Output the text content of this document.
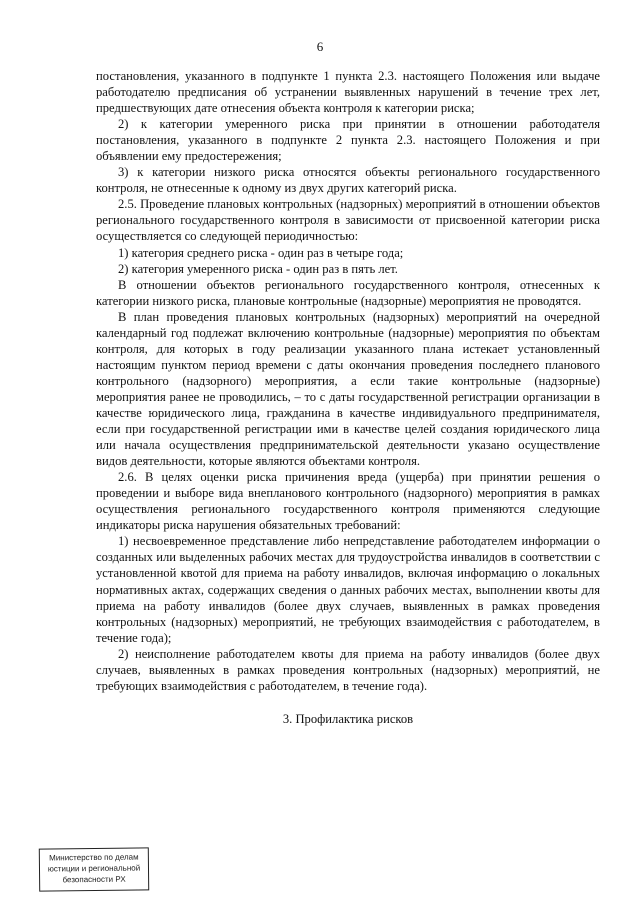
6

постановления, указанного в подпункте 1 пункта 2.3. настоящего Положения или выдаче работодателю предписания об устранении выявленных нарушений в течение трех лет, предшествующих дате отнесения объекта контроля к категории риска;

2) к категории умеренного риска при принятии в отношении работодателя постановления, указанного в подпункте 2 пункта 2.3. настоящего Положения и при объявлении ему предостережения;

3) к категории низкого риска относятся объекты регионального государственного контроля, не отнесенные к одному из двух других категорий риска.

2.5. Проведение плановых контрольных (надзорных) мероприятий в отношении объектов регионального государственного контроля в зависимости от присвоенной категории риска осуществляется со следующей периодичностью:

1) категория среднего риска - один раз в четыре года;

2) категория умеренного риска - один раз в пять лет.

В отношении объектов регионального государственного контроля, отнесенных к категории низкого риска, плановые контрольные (надзорные) мероприятия не проводятся.

В план проведения плановых контрольных (надзорных) мероприятий на очередной календарный год подлежат включению контрольные (надзорные) мероприятия по объектам контроля, для которых в году реализации указанного плана истекает установленный настоящим пунктом период времени с даты окончания проведения последнего планового контрольного (надзорного) мероприятия, а если такие контрольные (надзорные) мероприятия ранее не проводились, – то с даты государственной регистрации организации в качестве юридического лица, гражданина в качестве индивидуального предпринимателя, если при государственной регистрации ими в качестве целей создания юридического лица или начала осуществления предпринимательской деятельности указано осуществление видов деятельности, которые являются объектами контроля.

2.6. В целях оценки риска причинения вреда (ущерба) при принятии решения о проведении и выборе вида внепланового контрольного (надзорного) мероприятия в рамках осуществления регионального государственного контроля применяются следующие индикаторы риска нарушения обязательных требований:

1) несвоевременное представление либо непредставление работодателем информации о созданных или выделенных рабочих местах для трудоустройства инвалидов в соответствии с установленной квотой для приема на работу инвалидов, включая информацию о локальных нормативных актах, содержащих сведения о данных рабочих местах, выполнении квоты для приема на работу инвалидов (более двух случаев, выявленных в рамках проведения контрольных (надзорных) мероприятий, не требующих взаимодействия с работодателем, в течение года);

2) неисполнение работодателем квоты для приема на работу инвалидов (более двух случаев, выявленных в рамках проведения контрольных (надзорных) мероприятий, не требующих взаимодействия с работодателем, в течение года).

3. Профилактика рисков

Министерство по делам
юстиции и региональной
безопасности РХ
